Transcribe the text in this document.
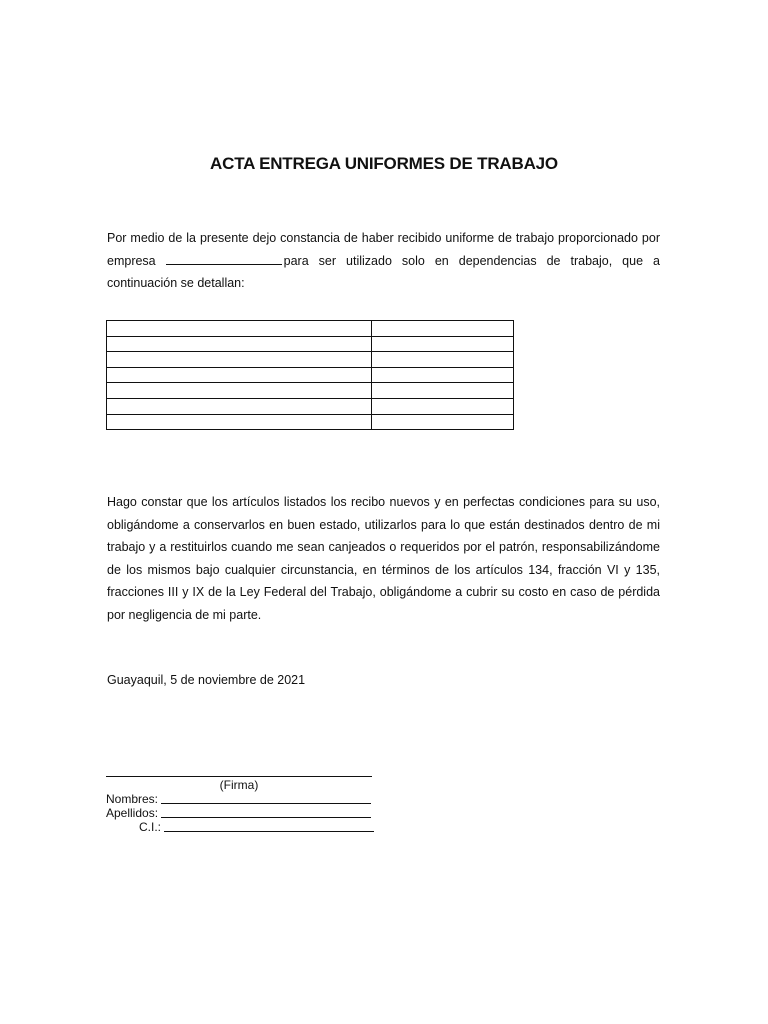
ACTA ENTREGA UNIFORMES DE TRABAJO
Por medio de la presente dejo constancia de haber recibido uniforme de trabajo proporcionado por empresa	para ser utilizado solo en dependencias de trabajo, que a continuación se detallan:

Hago constar que los artículos listados los recibo nuevos y en perfectas condiciones para su uso, obligándome a conservarlos en buen estado, utilizarlos para lo que están destinados dentro de mi trabajo y a restituirlos cuando me sean canjeados o requeridos por el patrón, responsabilizándome de los mismos bajo cualquier circunstancia, en términos de los artículos 134, fracción VI y 135, fracciones III y IX de la Ley Federal del Trabajo, obligándome a cubrir su costo en caso de pérdida por negligencia de mi parte.
Guayaquil, 5 de noviembre de 2021
(Firma)
Nombres:
Apellidos:
C.I.:
